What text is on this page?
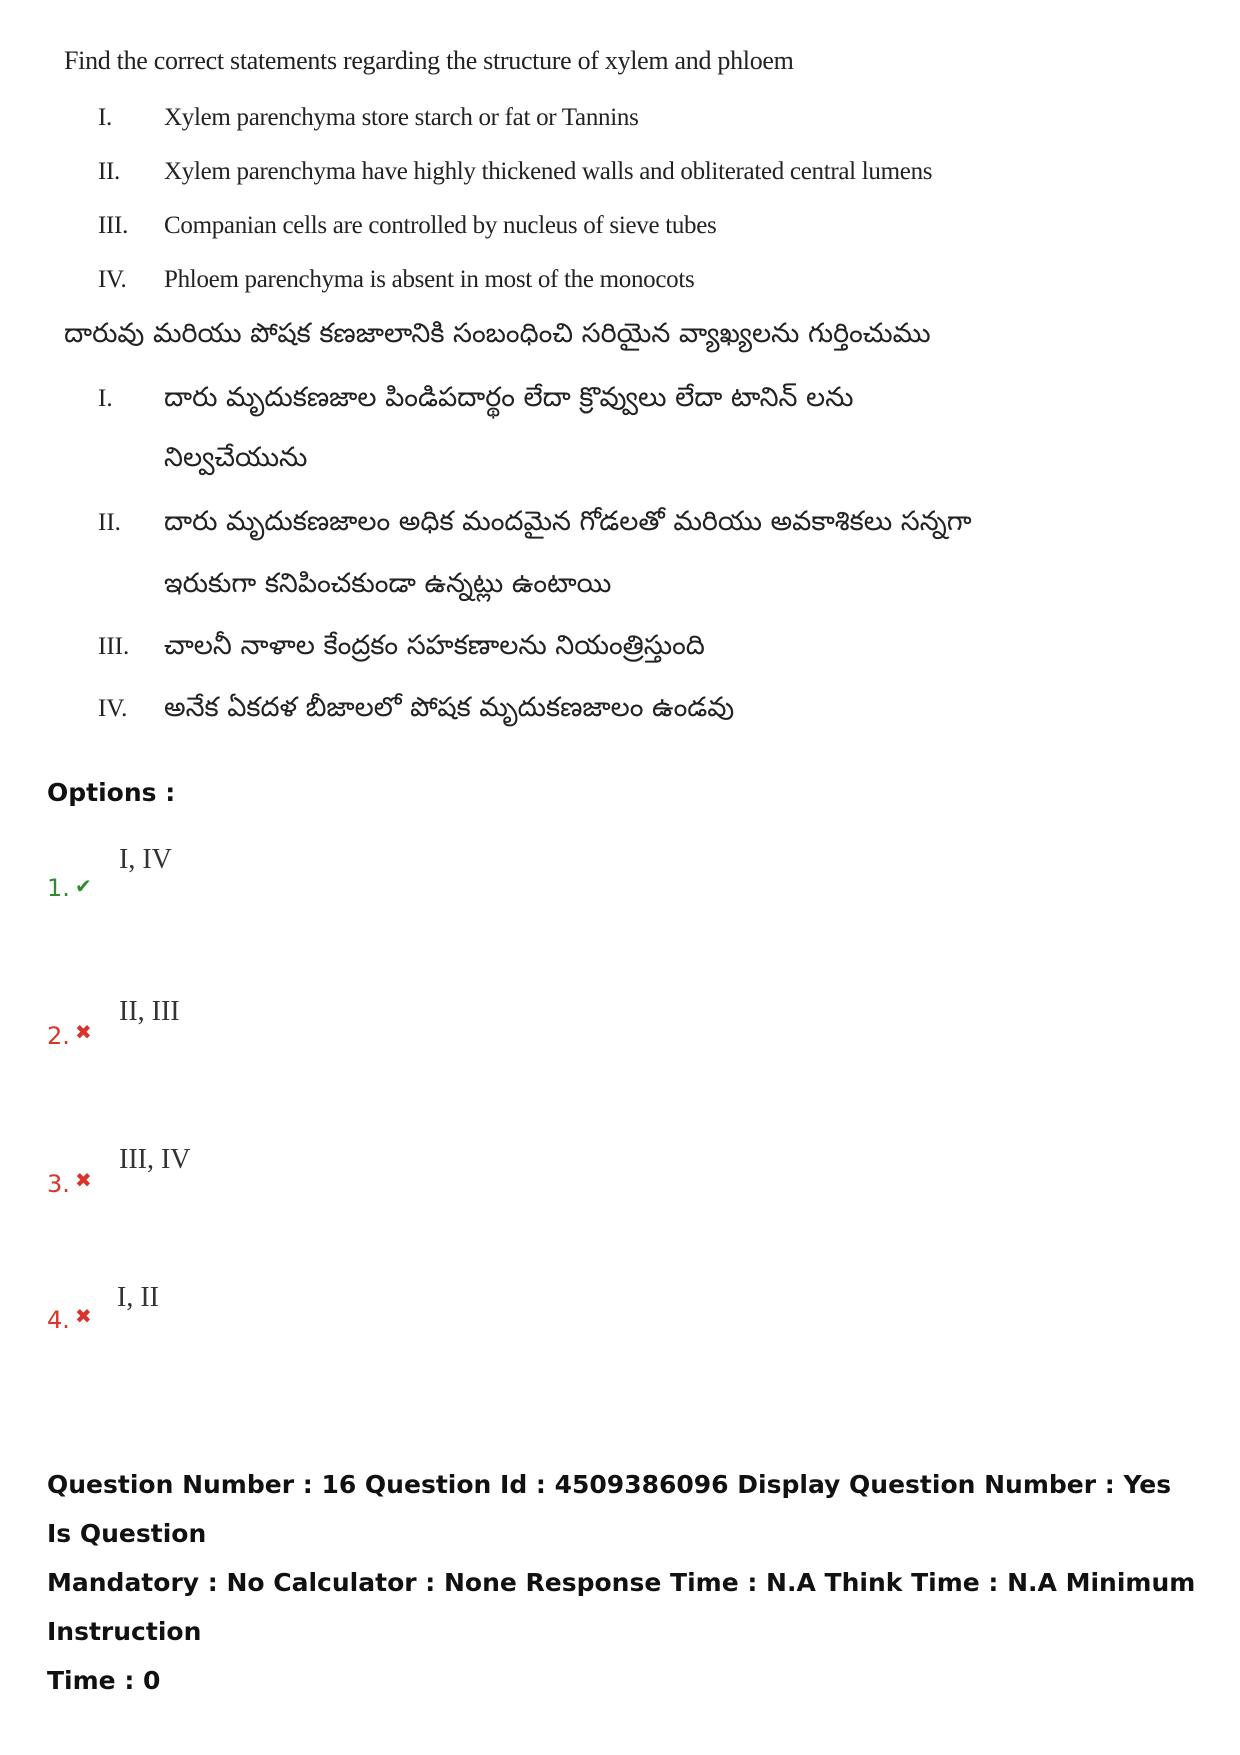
Find the correct statements regarding the structure of xylem and phloem
I. Xylem parenchyma store starch or fat or Tannins
II. Xylem parenchyma have highly thickened walls and obliterated central lumens
III. Companian cells are controlled by nucleus of sieve tubes
IV. Phloem parenchyma is absent in most of the monocots
దారువు మరియు పోషక కణజాలానికి సంబంధించి సరియైన వ్యాఖ్యలను గుర్తించుము
I. దారు మృదుకణజాల పిండిపదార్థం లేదా క్రొవ్వులు లేదా టానిన్ లను
నిల్వచేయును
II. దారు మృదుకణజాలం అధిక మందమైన గోడలతో మరియు అవకాశికలు సన్నగా
ఇరుకుగా కనిపించకుండా ఉన్నట్లు ఉంటాయి
III. చాలనీ నాళాల కేంద్రకం సహకణాలను నియంత్రిస్తుంది
IV. అనేక ఏకదళ బీజాలలో పోషక మృదుకణజాలం ఉండవు
Options :
1. ✔
I, IV
2. ✖
II, III
3. ✖
III, IV
4. ✖
I, II
Question Number : 16 Question Id : 4509386096 Display Question Number : Yes Is Question
Mandatory : No Calculator : None Response Time : N.A Think Time : N.A Minimum Instruction
Time : 0
